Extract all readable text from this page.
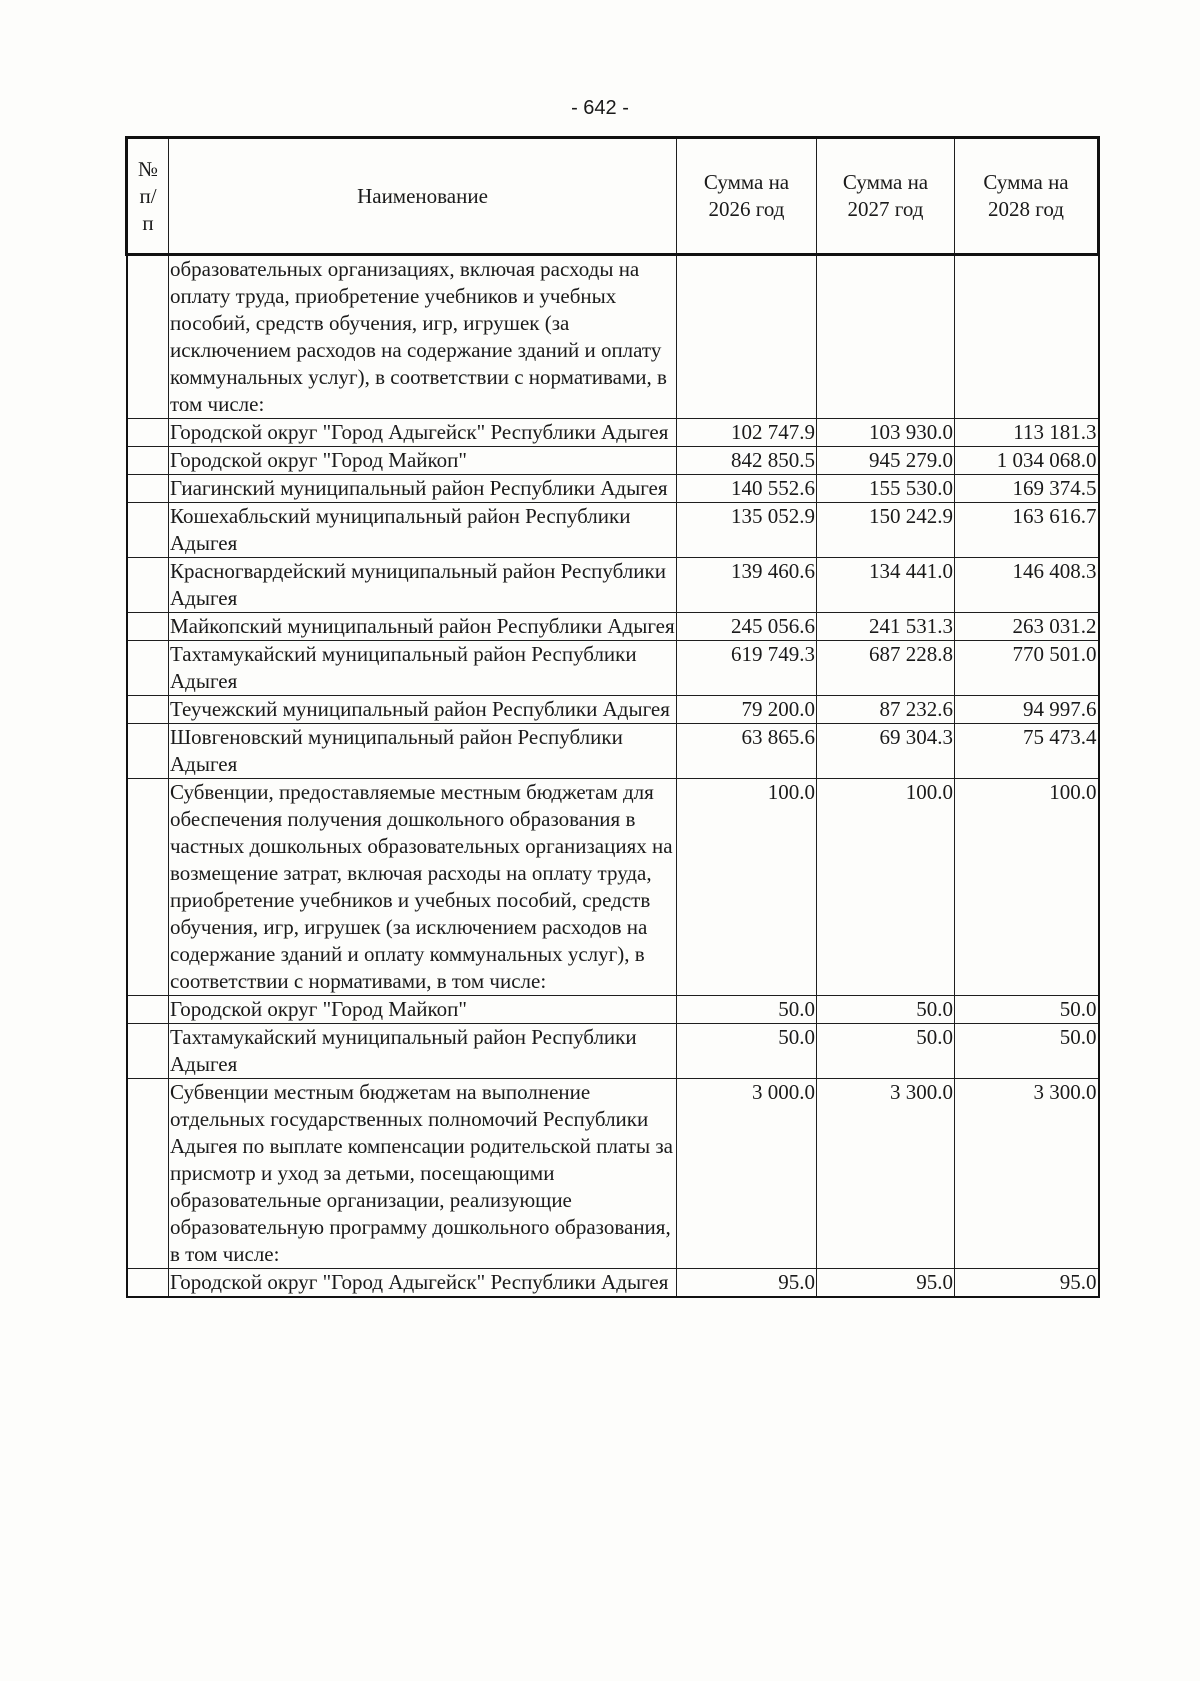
- 642 -
№ п/п	Наименование	Сумма на 2026 год	Сумма на 2027 год	Сумма на 2028 год
	образовательных организациях, включая расходы на оплату труда, приобретение учебников и учебных пособий, средств обучения, игр, игрушек (за исключением расходов на содержание зданий и оплату коммунальных услуг), в соответствии с нормативами, в том числе:			
	Городской округ "Город Адыгейск" Республики Адыгея	102 747.9	103 930.0	113 181.3
	Городской округ "Город Майкоп"	842 850.5	945 279.0	1 034 068.0
	Гиагинский муниципальный район Республики Адыгея	140 552.6	155 530.0	169 374.5
	Кошехабльский муниципальный район Республики Адыгея	135 052.9	150 242.9	163 616.7
	Красногвардейский муниципальный район Республики Адыгея	139 460.6	134 441.0	146 408.3
	Майкопский муниципальный район Республики Адыгея	245 056.6	241 531.3	263 031.2
	Тахтамукайский муниципальный район Республики Адыгея	619 749.3	687 228.8	770 501.0
	Теучежский муниципальный район Республики Адыгея	79 200.0	87 232.6	94 997.6
	Шовгеновский муниципальный район Республики Адыгея	63 865.6	69 304.3	75 473.4
	Субвенции, предоставляемые местным бюджетам для обеспечения получения дошкольного образования в частных дошкольных образовательных организациях на возмещение затрат, включая расходы на оплату труда, приобретение учебников и учебных пособий, средств обучения, игр, игрушек (за исключением расходов на содержание зданий и оплату коммунальных услуг), в соответствии с нормативами, в том числе:	100.0	100.0	100.0
	Городской округ "Город Майкоп"	50.0	50.0	50.0
	Тахтамукайский муниципальный район Республики Адыгея	50.0	50.0	50.0
	Субвенции местным бюджетам на выполнение отдельных государственных полномочий Республики Адыгея по выплате компенсации родительской платы за присмотр и уход за детьми, посещающими образовательные организации, реализующие образовательную программу дошкольного образования, в том числе:	3 000.0	3 300.0	3 300.0
	Городской округ "Город Адыгейск" Республики Адыгея	95.0	95.0	95.0
